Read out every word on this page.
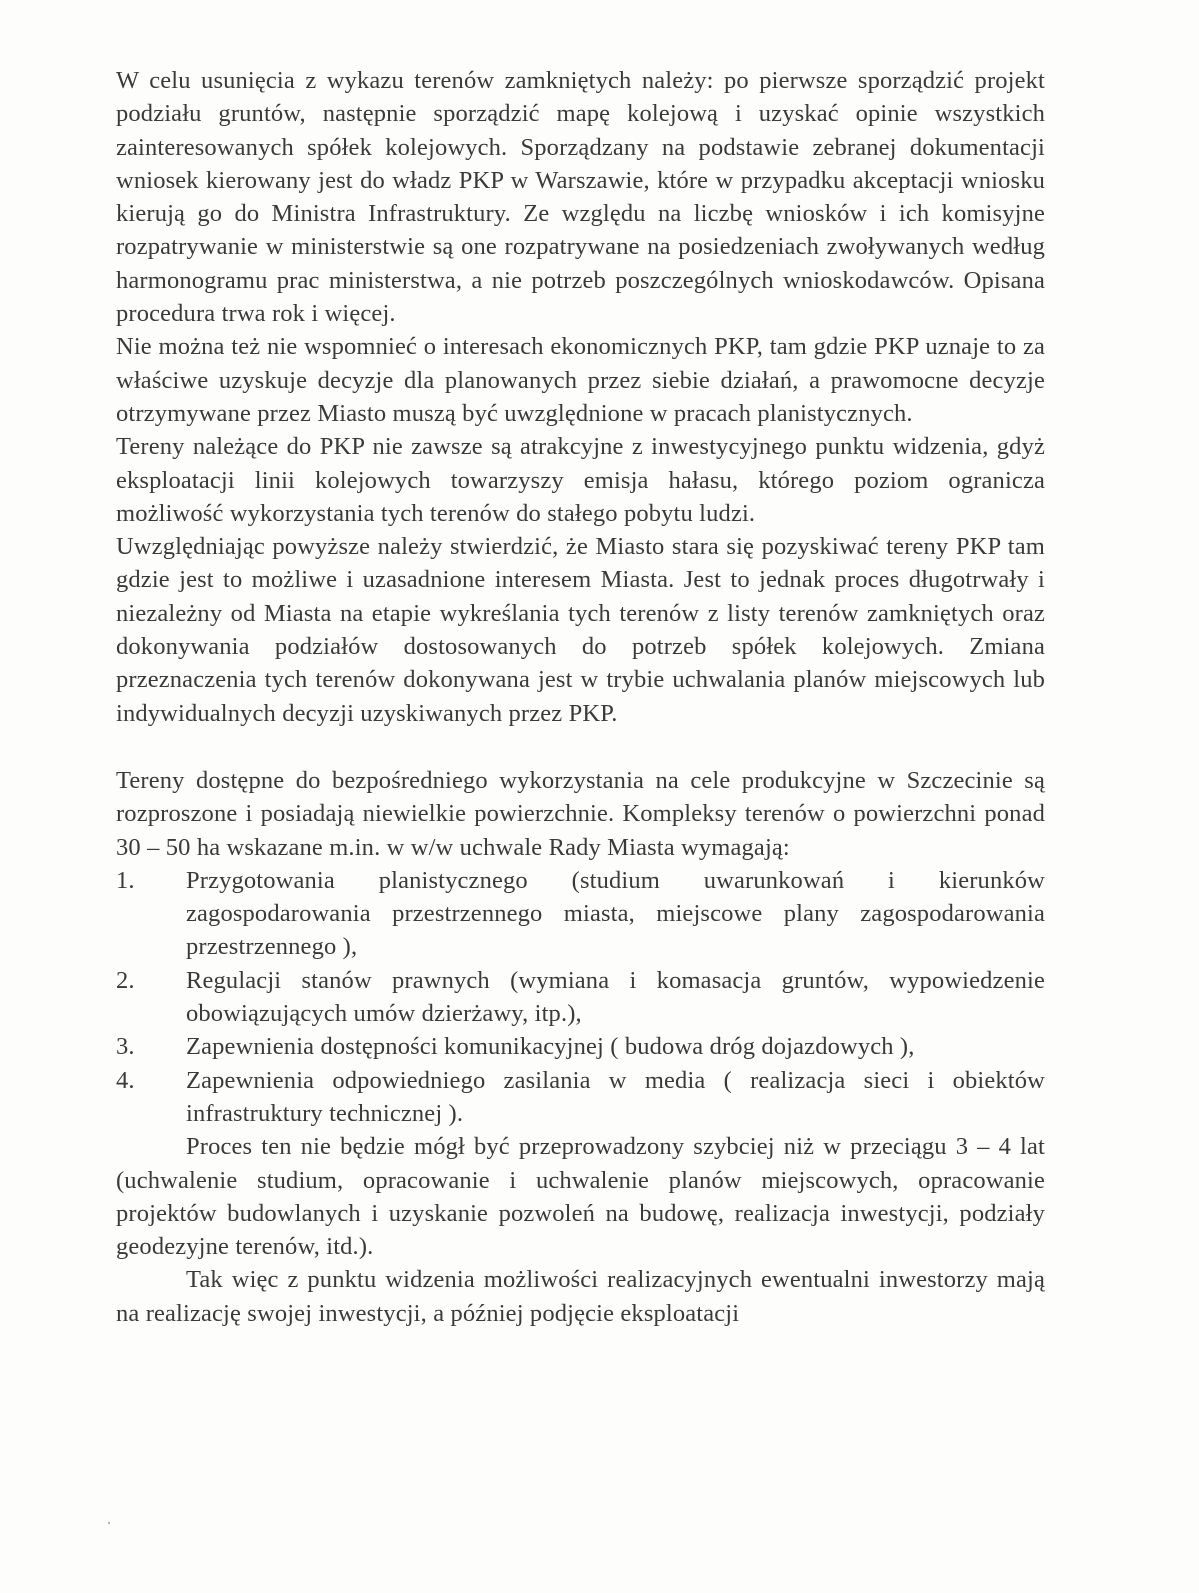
W celu usunięcia z wykazu terenów zamkniętych należy: po pierwsze sporządzić projekt podziału gruntów, następnie sporządzić mapę kolejową i uzyskać opinie wszystkich zainteresowanych spółek kolejowych. Sporządzany na podstawie zebranej dokumentacji wniosek kierowany jest do władz PKP w Warszawie, które w przypadku akceptacji wniosku kierują go do Ministra Infrastruktury. Ze względu na liczbę wniosków i ich komisyjne rozpatrywanie w ministerstwie są one rozpatrywane na posiedzeniach zwoływanych według harmonogramu prac ministerstwa, a nie potrzeb poszczególnych wnioskodawców. Opisana procedura trwa rok i więcej.

Nie można też nie wspomnieć o interesach ekonomicznych PKP, tam gdzie PKP uznaje to za właściwe uzyskuje decyzje dla planowanych przez siebie działań, a prawomocne decyzje otrzymywane przez Miasto muszą być uwzględnione w pracach planistycznych.

Tereny należące do PKP nie zawsze są atrakcyjne z inwestycyjnego punktu widzenia, gdyż eksploatacji linii kolejowych towarzyszy emisja hałasu, którego poziom ogranicza możliwość wykorzystania tych terenów do stałego pobytu ludzi.

Uwzględniając powyższe należy stwierdzić, że Miasto stara się pozyskiwać tereny PKP tam gdzie jest to możliwe i uzasadnione interesem Miasta. Jest to jednak proces długotrwały i niezależny od Miasta na etapie wykreślania tych terenów z listy terenów zamkniętych oraz dokonywania podziałów dostosowanych do potrzeb spółek kolejowych. Zmiana przeznaczenia tych terenów dokonywana jest w trybie uchwalania planów miejscowych lub indywidualnych decyzji uzyskiwanych przez PKP.

Tereny dostępne do bezpośredniego wykorzystania na cele produkcyjne w Szczecinie są rozproszone i posiadają niewielkie powierzchnie. Kompleksy terenów o powierzchni ponad 30 – 50 ha wskazane m.in. w w/w uchwale Rady Miasta wymagają:

1.	Przygotowania planistycznego (studium uwarunkowań i kierunków zagospodarowania przestrzennego miasta, miejscowe plany zagospodarowania przestrzennego ),
2.	Regulacji stanów prawnych (wymiana i komasacja gruntów, wypowiedzenie obowiązujących umów dzierżawy, itp.),
3.	Zapewnienia dostępności komunikacyjnej ( budowa dróg dojazdowych ),
4.	Zapewnienia odpowiedniego zasilania w media ( realizacja sieci i obiektów infrastruktury technicznej ).

Proces ten nie będzie mógł być przeprowadzony szybciej niż w przeciągu 3 – 4 lat (uchwalenie studium, opracowanie i uchwalenie planów miejscowych, opracowanie projektów budowlanych i uzyskanie pozwoleń na budowę, realizacja inwestycji, podziały geodezyjne terenów, itd.).

Tak więc z punktu widzenia możliwości realizacyjnych ewentualni inwestorzy mają na realizację swojej inwestycji, a później podjęcie eksploatacji
